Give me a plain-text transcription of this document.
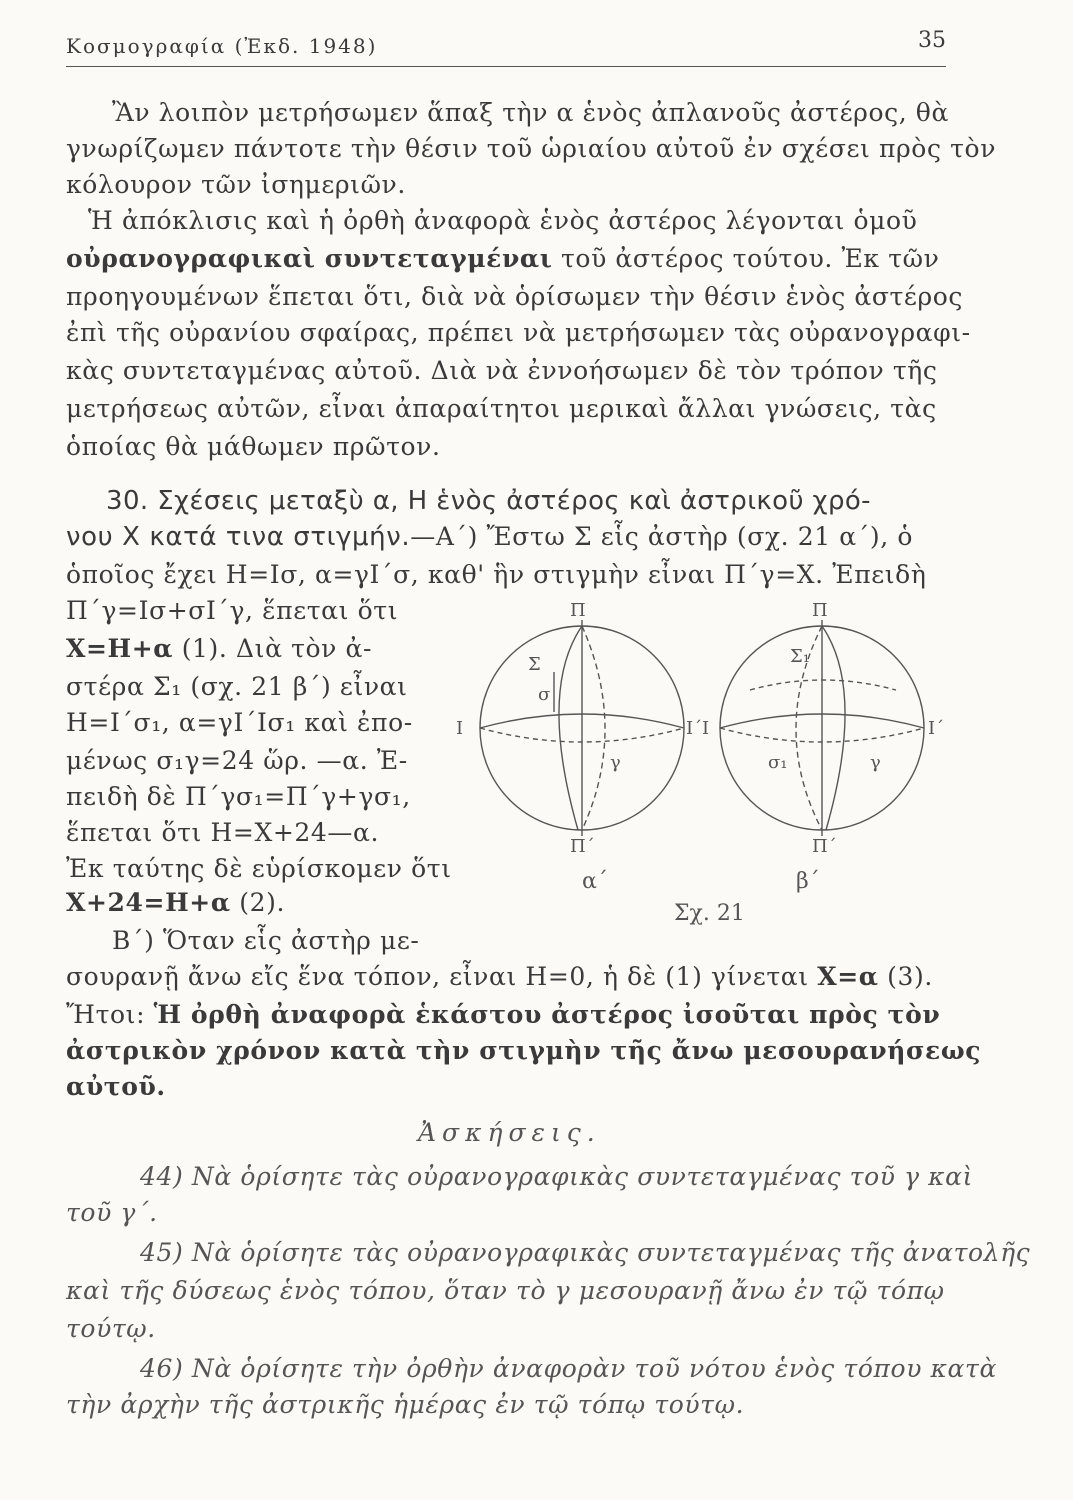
Κοσμογραφία (Ἐκδ. 1948)	35
Ἂν λοιπὸν μετρήσωμεν ἅπαξ τὴν α ἑνὸς ἀπλανοῦς ἀστέρος, θὰ
γνωρίζωμεν πάντοτε τὴν θέσιν τοῦ ὡριαίου αὐτοῦ ἐν σχέσει πρὸς τὸν
κόλουρον τῶν ἰσημεριῶν.
Ἡ ἀπόκλισις καὶ ἡ ὀρθὴ ἀναφορὰ ἑνὸς ἀστέρος λέγονται ὁμοῦ
οὐρανογραφικαὶ συντεταγμέναι τοῦ ἀστέρος τούτου. Ἐκ τῶν
προηγουμένων ἕπεται ὅτι, διὰ νὰ ὁρίσωμεν τὴν θέσιν ἑνὸς ἀστέρος
ἐπὶ τῆς οὐρανίου σφαίρας, πρέπει νὰ μετρήσωμεν τὰς οὐρανογραφι-
κὰς συντεταγμένας αὐτοῦ. Διὰ νὰ ἐννοήσωμεν δὲ τὸν τρόπον τῆς
μετρήσεως αὐτῶν, εἶναι ἀπαραίτητοι μερικαὶ ἄλλαι γνώσεις, τὰς
ὁποίας θὰ μάθωμεν πρῶτον.
30. Σχέσεις μεταξὺ α, Η ἑνὸς ἀστέρος καὶ ἀστρικοῦ χρό-
νου Χ κατά τινα στιγμήν.—Α΄) Ἔστω Σ εἷς ἀστὴρ (σχ. 21 α΄), ὁ
ὁποῖος ἔχει Η=Ισ, α=γΙ΄σ, καθ' ἣν στιγμὴν εἶναι Π΄γ=Χ. Ἐπειδὴ
Π΄γ=Ισ+σΙ΄γ, ἕπεται ὅτι
Χ=Η+α (1). Διὰ τὸν ἀ-
στέρα Σ₁ (σχ. 21 β΄) εἶναι
Η=Ι΄σ₁, α=γΙ΄Ισ₁ καὶ ἐπο-
μένως σ₁γ=24 ὥρ. —α. Ἐ-
πειδὴ δὲ Π΄γσ₁=Π΄γ+γσ₁,
ἕπεται ὅτι Η=Χ+24—α.
Ἐκ ταύτης δὲ εὑρίσκομεν ὅτι
Χ+24=Η+α (2).
Β΄) Ὅταν εἷς ἀστὴρ με-
Π
Π΄
Ι	Ι΄
Σ
σ
γ
Π
Π΄
Ι	Ι΄
Σ₁
σ₁	γ
α΄	β΄
Σχ. 21
σουρανῇ ἄνω εἴς ἕνα τόπον, εἶναι Η=0, ἡ δὲ (1) γίνεται Χ=α (3).
Ἤτοι: Ἡ ὀρθὴ ἀναφορὰ ἑκάστου ἀστέρος ἰσοῦται πρὸς τὸν
ἀστρικὸν χρόνον κατὰ τὴν στιγμὴν τῆς ἄνω μεσουρανήσεως
αὐτοῦ.
Ἀσκήσεις.
44) Νὰ ὁρίσητε τὰς οὐρανογραφικὰς συντεταγμένας τοῦ γ καὶ
τοῦ γ΄.
45) Νὰ ὁρίσητε τὰς οὐρανογραφικὰς συντεταγμένας τῆς ἀνατολῆς
καὶ τῆς δύσεως ἑνὸς τόπου, ὅταν τὸ γ μεσουρανῇ ἄνω ἐν τῷ τόπῳ
τούτῳ.
46) Νὰ ὁρίσητε τὴν ὀρθὴν ἀναφορὰν τοῦ νότου ἑνὸς τόπου κατὰ
τὴν ἀρχὴν τῆς ἀστρικῆς ἡμέρας ἐν τῷ τόπῳ τούτῳ.
